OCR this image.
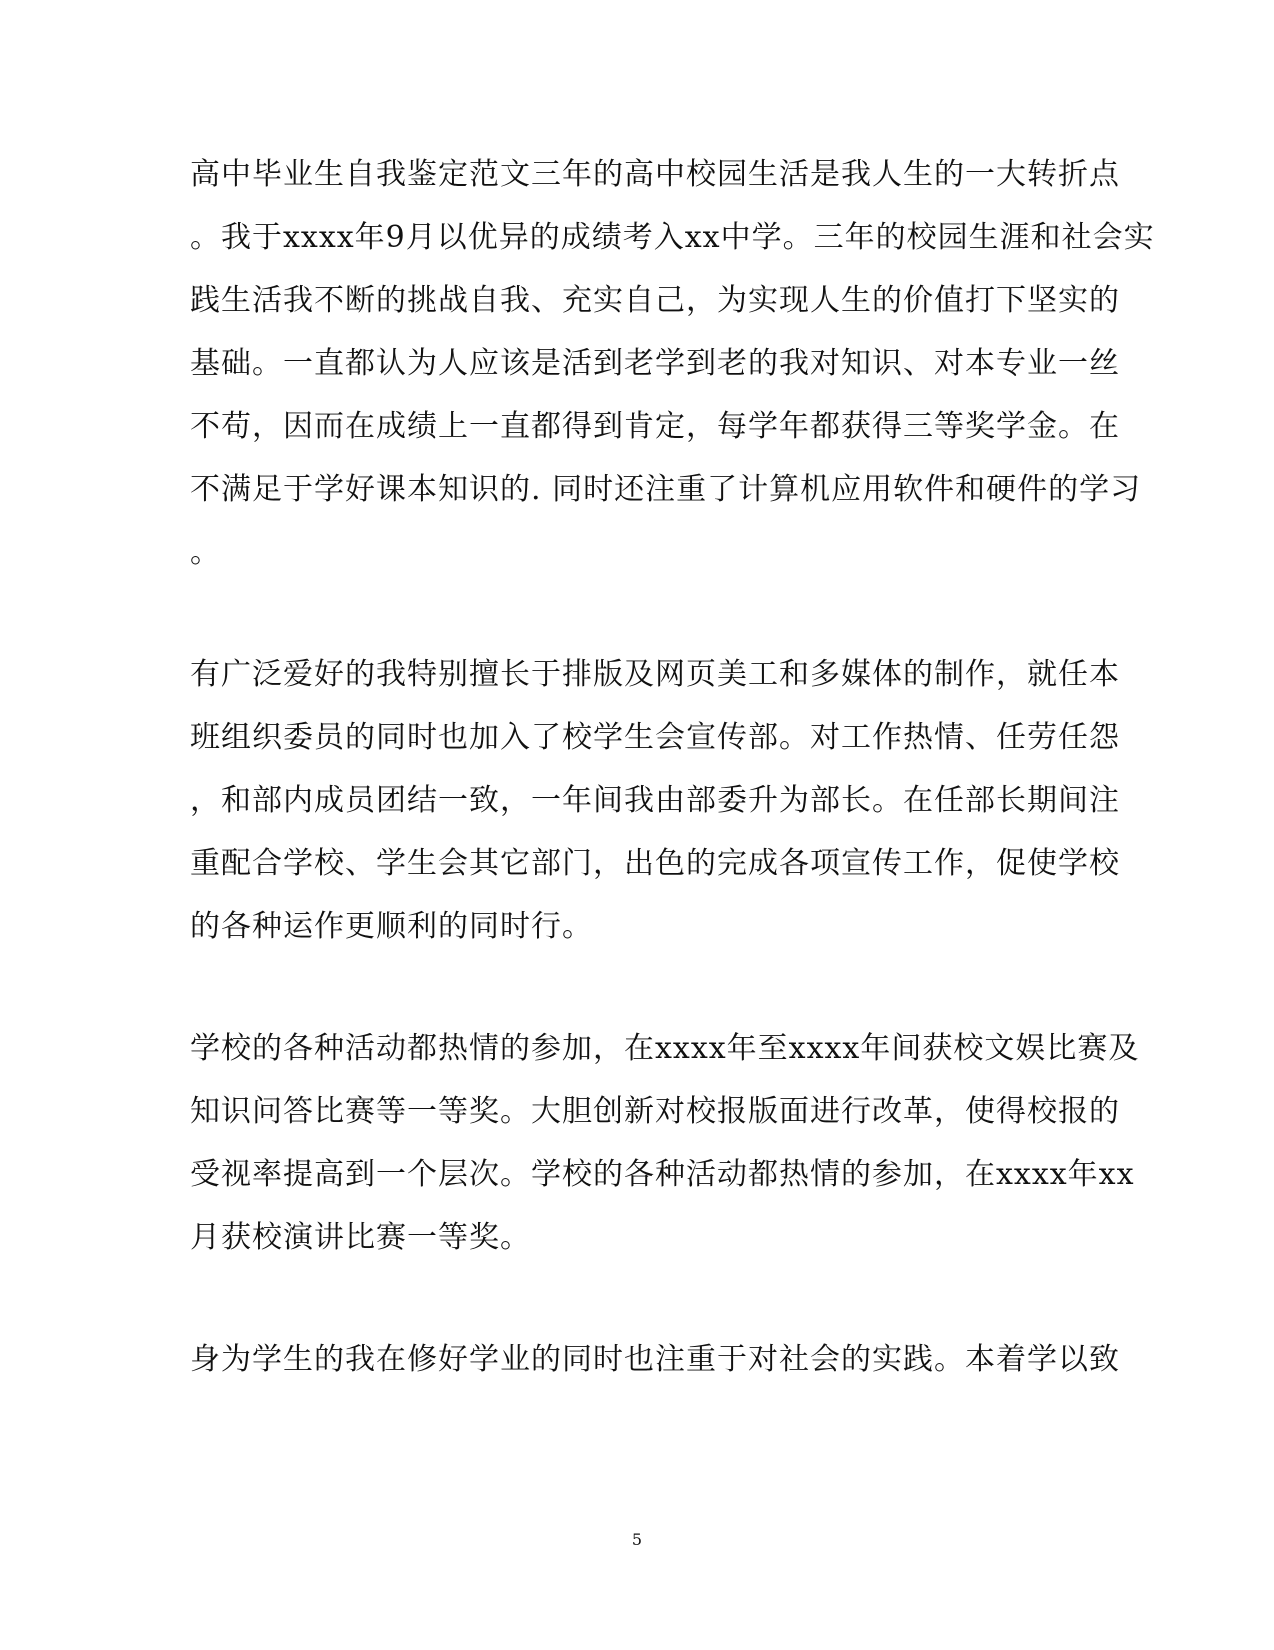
高中毕业生自我鉴定范文三年的高中校园生活是我人生的一大转折点
。我于xxxx年9月以优异的成绩考入xx中学。三年的校园生涯和社会实
践生活我不断的挑战自我、充实自己，为实现人生的价值打下坚实的
基础。一直都认为人应该是活到老学到老的我对知识、对本专业一丝
不苟，因而在成绩上一直都得到肯定，每学年都获得三等奖学金。在
不满足于学好课本知识的. 同时还注重了计算机应用软件和硬件的学习
。
有广泛爱好的我特别擅长于排版及网页美工和多媒体的制作，就任本
班组织委员的同时也加入了校学生会宣传部。对工作热情、任劳任怨
，和部内成员团结一致，一年间我由部委升为部长。在任部长期间注
重配合学校、学生会其它部门，出色的完成各项宣传工作，促使学校
的各种运作更顺利的同时行。
学校的各种活动都热情的参加，在xxxx年至xxxx年间获校文娱比赛及
知识问答比赛等一等奖。大胆创新对校报版面进行改革，使得校报的
受视率提高到一个层次。学校的各种活动都热情的参加，在xxxx年xx
月获校演讲比赛一等奖。
身为学生的我在修好学业的同时也注重于对社会的实践。本着学以致
5
